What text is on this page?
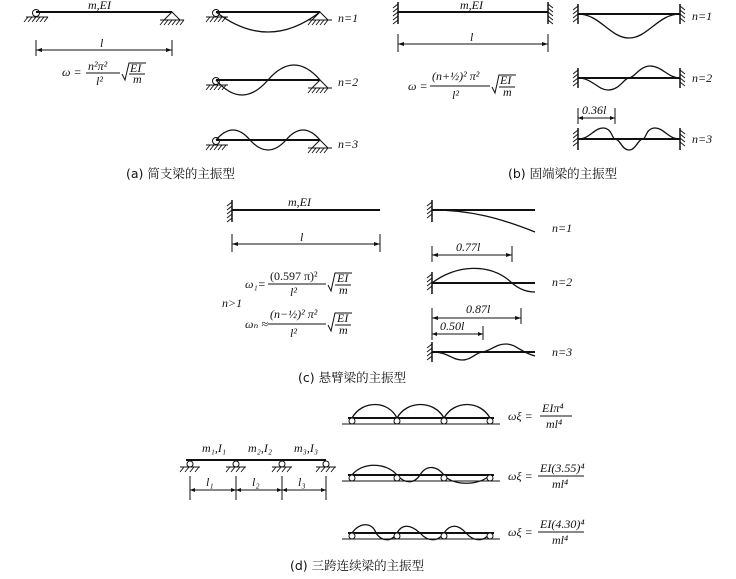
m,EI
l
ω = n²π²
l²
EI
m
n=1
n=2
n=3
(a) 简支梁的主振型
m,EI
l
ω =
(n+½)² π²
l²
EI
m
n=1
n=2
0.36l
n=3
(b) 固端梁的主振型
m,EI
l
ω₁=
(0.597 π)²
l²
EI
m
n>1
ωₙ ≈
(n−½)² π²
l²
EI
m
n=1
0.77l
n=2
0.87l
0.50l
n=3
(c) 悬臂梁的主振型
m₁,I₁ m₂,I₂ m₃,I₃
l₁	l₂	l₃
ωξ =
EIπ⁴
ml⁴
ωξ =
EI(3.55)⁴
ml⁴
ωξ =
EI(4.30)⁴
ml⁴
(d) 三跨连续梁的主振型
